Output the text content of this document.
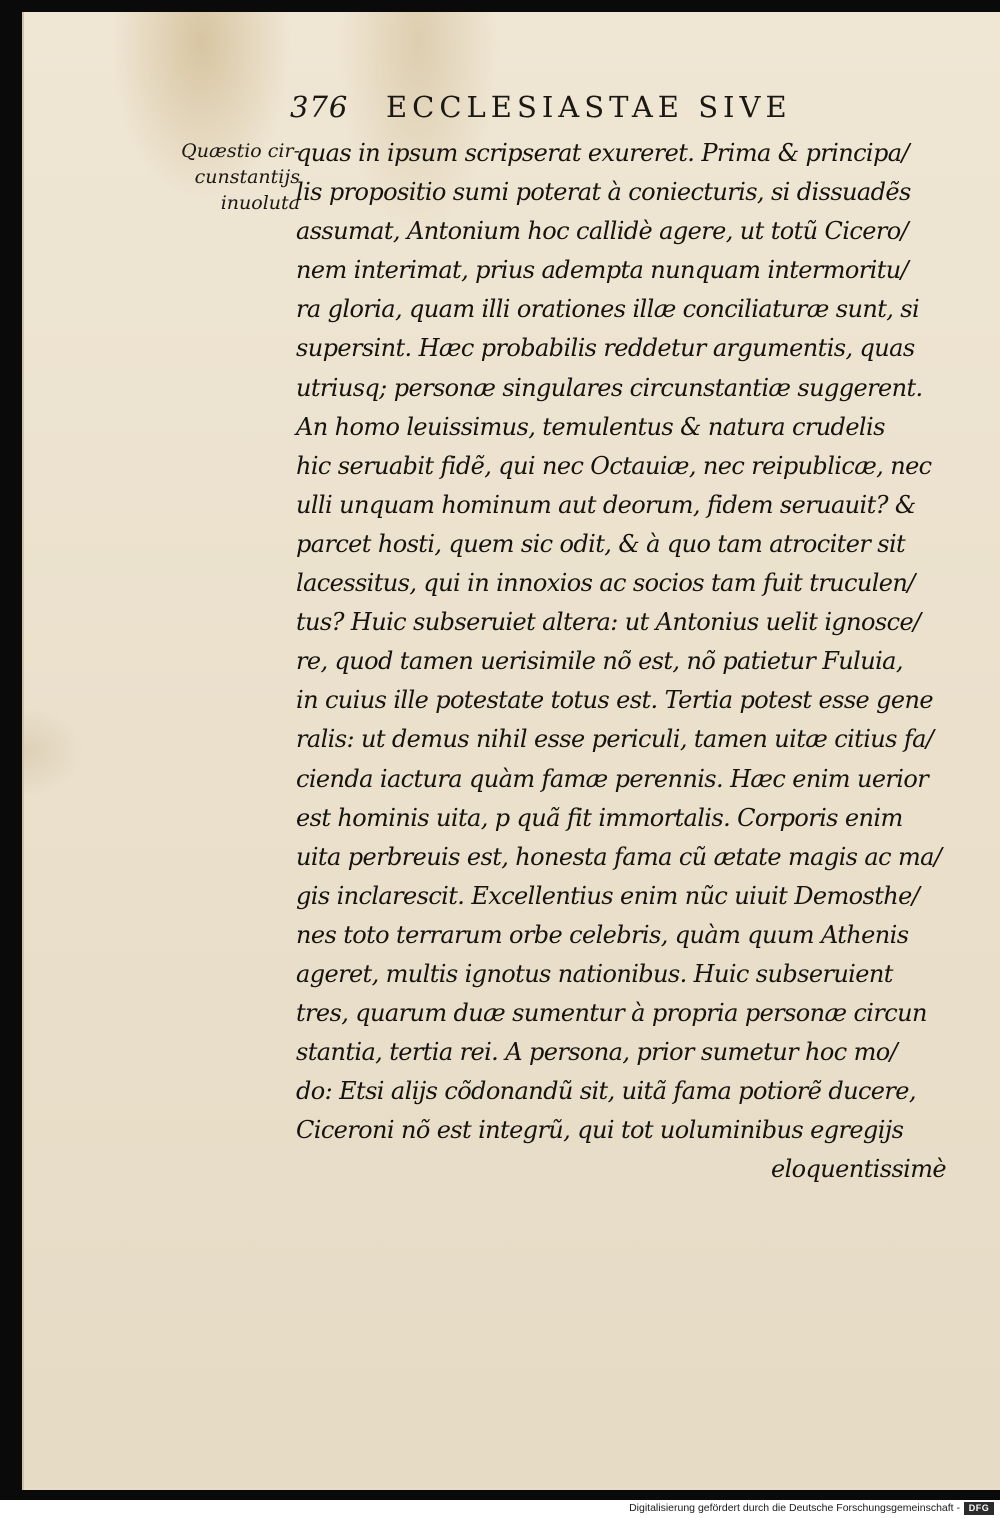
376 ECCLESIASTAE SIVE
Quæstio cir-
cunstantijs
inuoluta
quas in ipsum scripserat exureret. Prima & principa/
lis propositio sumi poterat à coniecturis, si dissuadẽs
assumat, Antonium hoc callidè agere, ut totũ Cicero/
nem interimat, prius adempta nunquam intermoritu/
ra gloria, quam illi orationes illæ conciliaturæ sunt, si
supersint. Hæc probabilis reddetur argumentis, quas
utriusq; personæ singulares circunstantiæ suggerent.
An homo leuissimus, temulentus & natura crudelis
hic seruabit fidẽ, qui nec Octauiæ, nec reipublicæ, nec
ulli unquam hominum aut deorum, fidem seruauit? &
parcet hosti, quem sic odit, & à quo tam atrociter sit
lacessitus, qui in innoxios ac socios tam fuit truculen/
tus? Huic subseruiet altera: ut Antonius uelit ignosce/
re, quod tamen uerisimile nõ est, nõ patietur Fuluia,
in cuius ille potestate totus est. Tertia potest esse gene
ralis: ut demus nihil esse periculi, tamen uitæ citius fa/
cienda iactura quàm famæ perennis. Hæc enim uerior
est hominis uita, p quã fit immortalis. Corporis enim
uita perbreuis est, honesta fama cũ ætate magis ac ma/
gis inclarescit. Excellentius enim nũc uiuit Demosthe/
nes toto terrarum orbe celebris, quàm quum Athenis
ageret, multis ignotus nationibus. Huic subseruient
tres, quarum duæ sumentur à propria personæ circun
stantia, tertia rei. A persona, prior sumetur hoc mo/
do: Etsi alijs cõdonandũ sit, uitã fama potiorẽ ducere,
Ciceroni nõ est integrũ, qui tot uoluminibus egregijs
eloquentissimè
Digitalisierung gefördert durch die Deutsche Forschungsgemeinschaft - DFG
